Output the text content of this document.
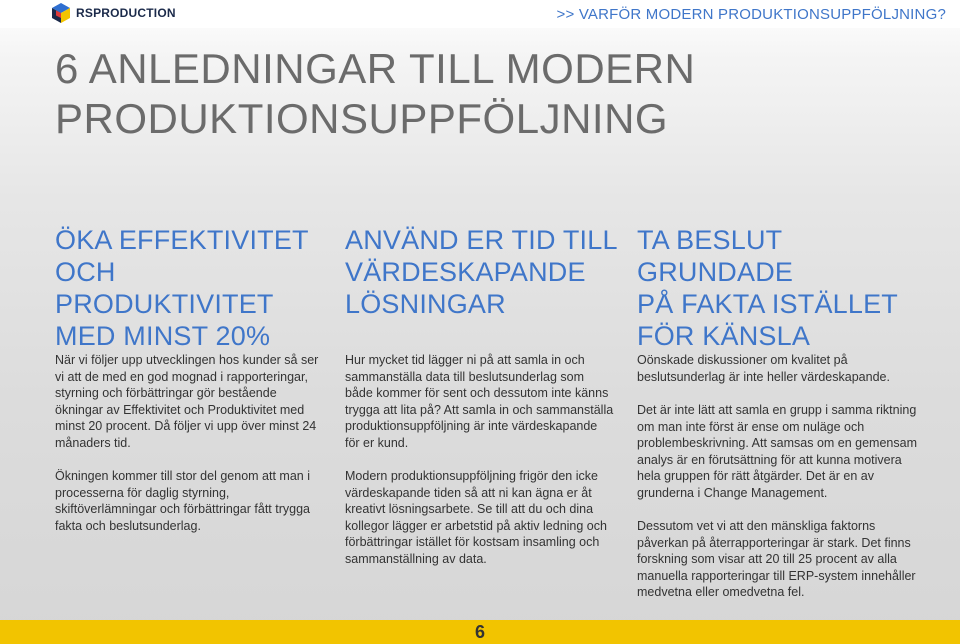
RSPRODUCTION	>> VARFÖR MODERN PRODUKTIONSUPPFÖLJNING?
6 ANLEDNINGAR TILL MODERN PRODUKTIONSUPPFÖLJNING
ÖKA EFFEKTIVITET
OCH PRODUKTIVITET
MED MINST 20%
ANVÄND ER TID TILL
VÄRDESKAPANDE
LÖSNINGAR
TA BESLUT GRUNDADE
PÅ FAKTA ISTÄLLET
FÖR KÄNSLA

När vi följer upp utvecklingen hos kunder så ser vi att de med en god mognad i rapporteringar, styrning och förbättringar gör bestående ökningar av Effektivitet och Produktivitet med minst 20 procent. Då följer vi upp över minst 24 månaders tid.

Ökningen kommer till stor del genom att man i processerna för daglig styrning, skiftöverlämningar och förbättringar fått trygga fakta och beslutsunderlag.

Hur mycket tid lägger ni på att samla in och sammanställa data till beslutsunderlag som både kommer för sent och dessutom inte känns trygga att lita på? Att samla in och sammanställa produktionsuppföljning är inte värdeskapande för er kund.

Modern produktionsuppföljning frigör den icke värdeskapande tiden så att ni kan ägna er åt kreativt lösningsarbete. Se till att du och dina kollegor lägger er arbetstid på aktiv ledning och förbättringar istället för kostsam insamling och sammanställning av data.

Oönskade diskussioner om kvalitet på beslutsunderlag är inte heller värdeskapande.

Det är inte lätt att samla en grupp i samma riktning om man inte först är ense om nuläge och problembeskrivning. Att samsas om en gemensam analys är en förutsättning för att kunna motivera hela gruppen för rätt åtgärder. Det är en av grunderna i Change Management.

Dessutom vet vi att den mänskliga faktorns påverkan på återrapporteringar är stark. Det finns forskning som visar att 20 till 25 procent av alla manuella rapporteringar till ERP-system innehåller medvetna eller omedvetna fel.

6
